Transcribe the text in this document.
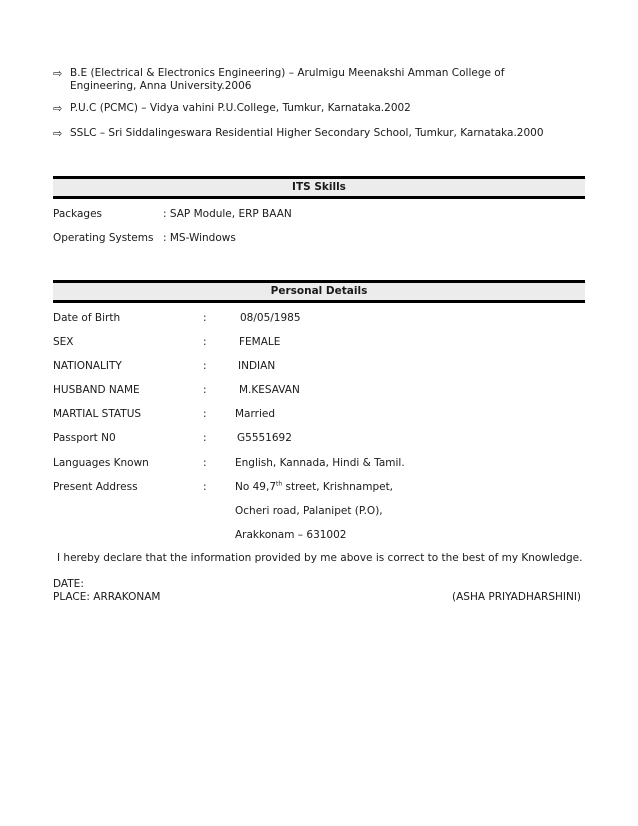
⇨ B.E (Electrical & Electronics Engineering) – Arulmigu Meenakshi Amman College of Engineering, Anna University.2006
⇨ P.U.C (PCMC) – Vidya vahini P.U.College, Tumkur, Karnataka.2002
⇨ SSLC – Sri Siddalingeswara Residential Higher Secondary School, Tumkur, Karnataka.2000
ITS Skills
Packages	: SAP Module, ERP BAAN
Operating Systems : MS-Windows
Personal Details
Date of Birth	:	08/05/1985
SEX	:	FEMALE
NATIONALITY	:	INDIAN
HUSBAND NAME	:	M.KESAVAN
MARTIAL STATUS	:	Married
Passport N0	:	G5551692
Languages Known	:	English, Kannada, Hindi & Tamil.
Present Address	:	No 49,7th street, Krishnampet,
Ocheri road, Palanipet (P.O),
Arakkonam – 631002
I hereby declare that the information provided by me above is correct to the best of my Knowledge.
DATE:
PLACE: ARRAKONAM	(ASHA PRIYADHARSHINI)
